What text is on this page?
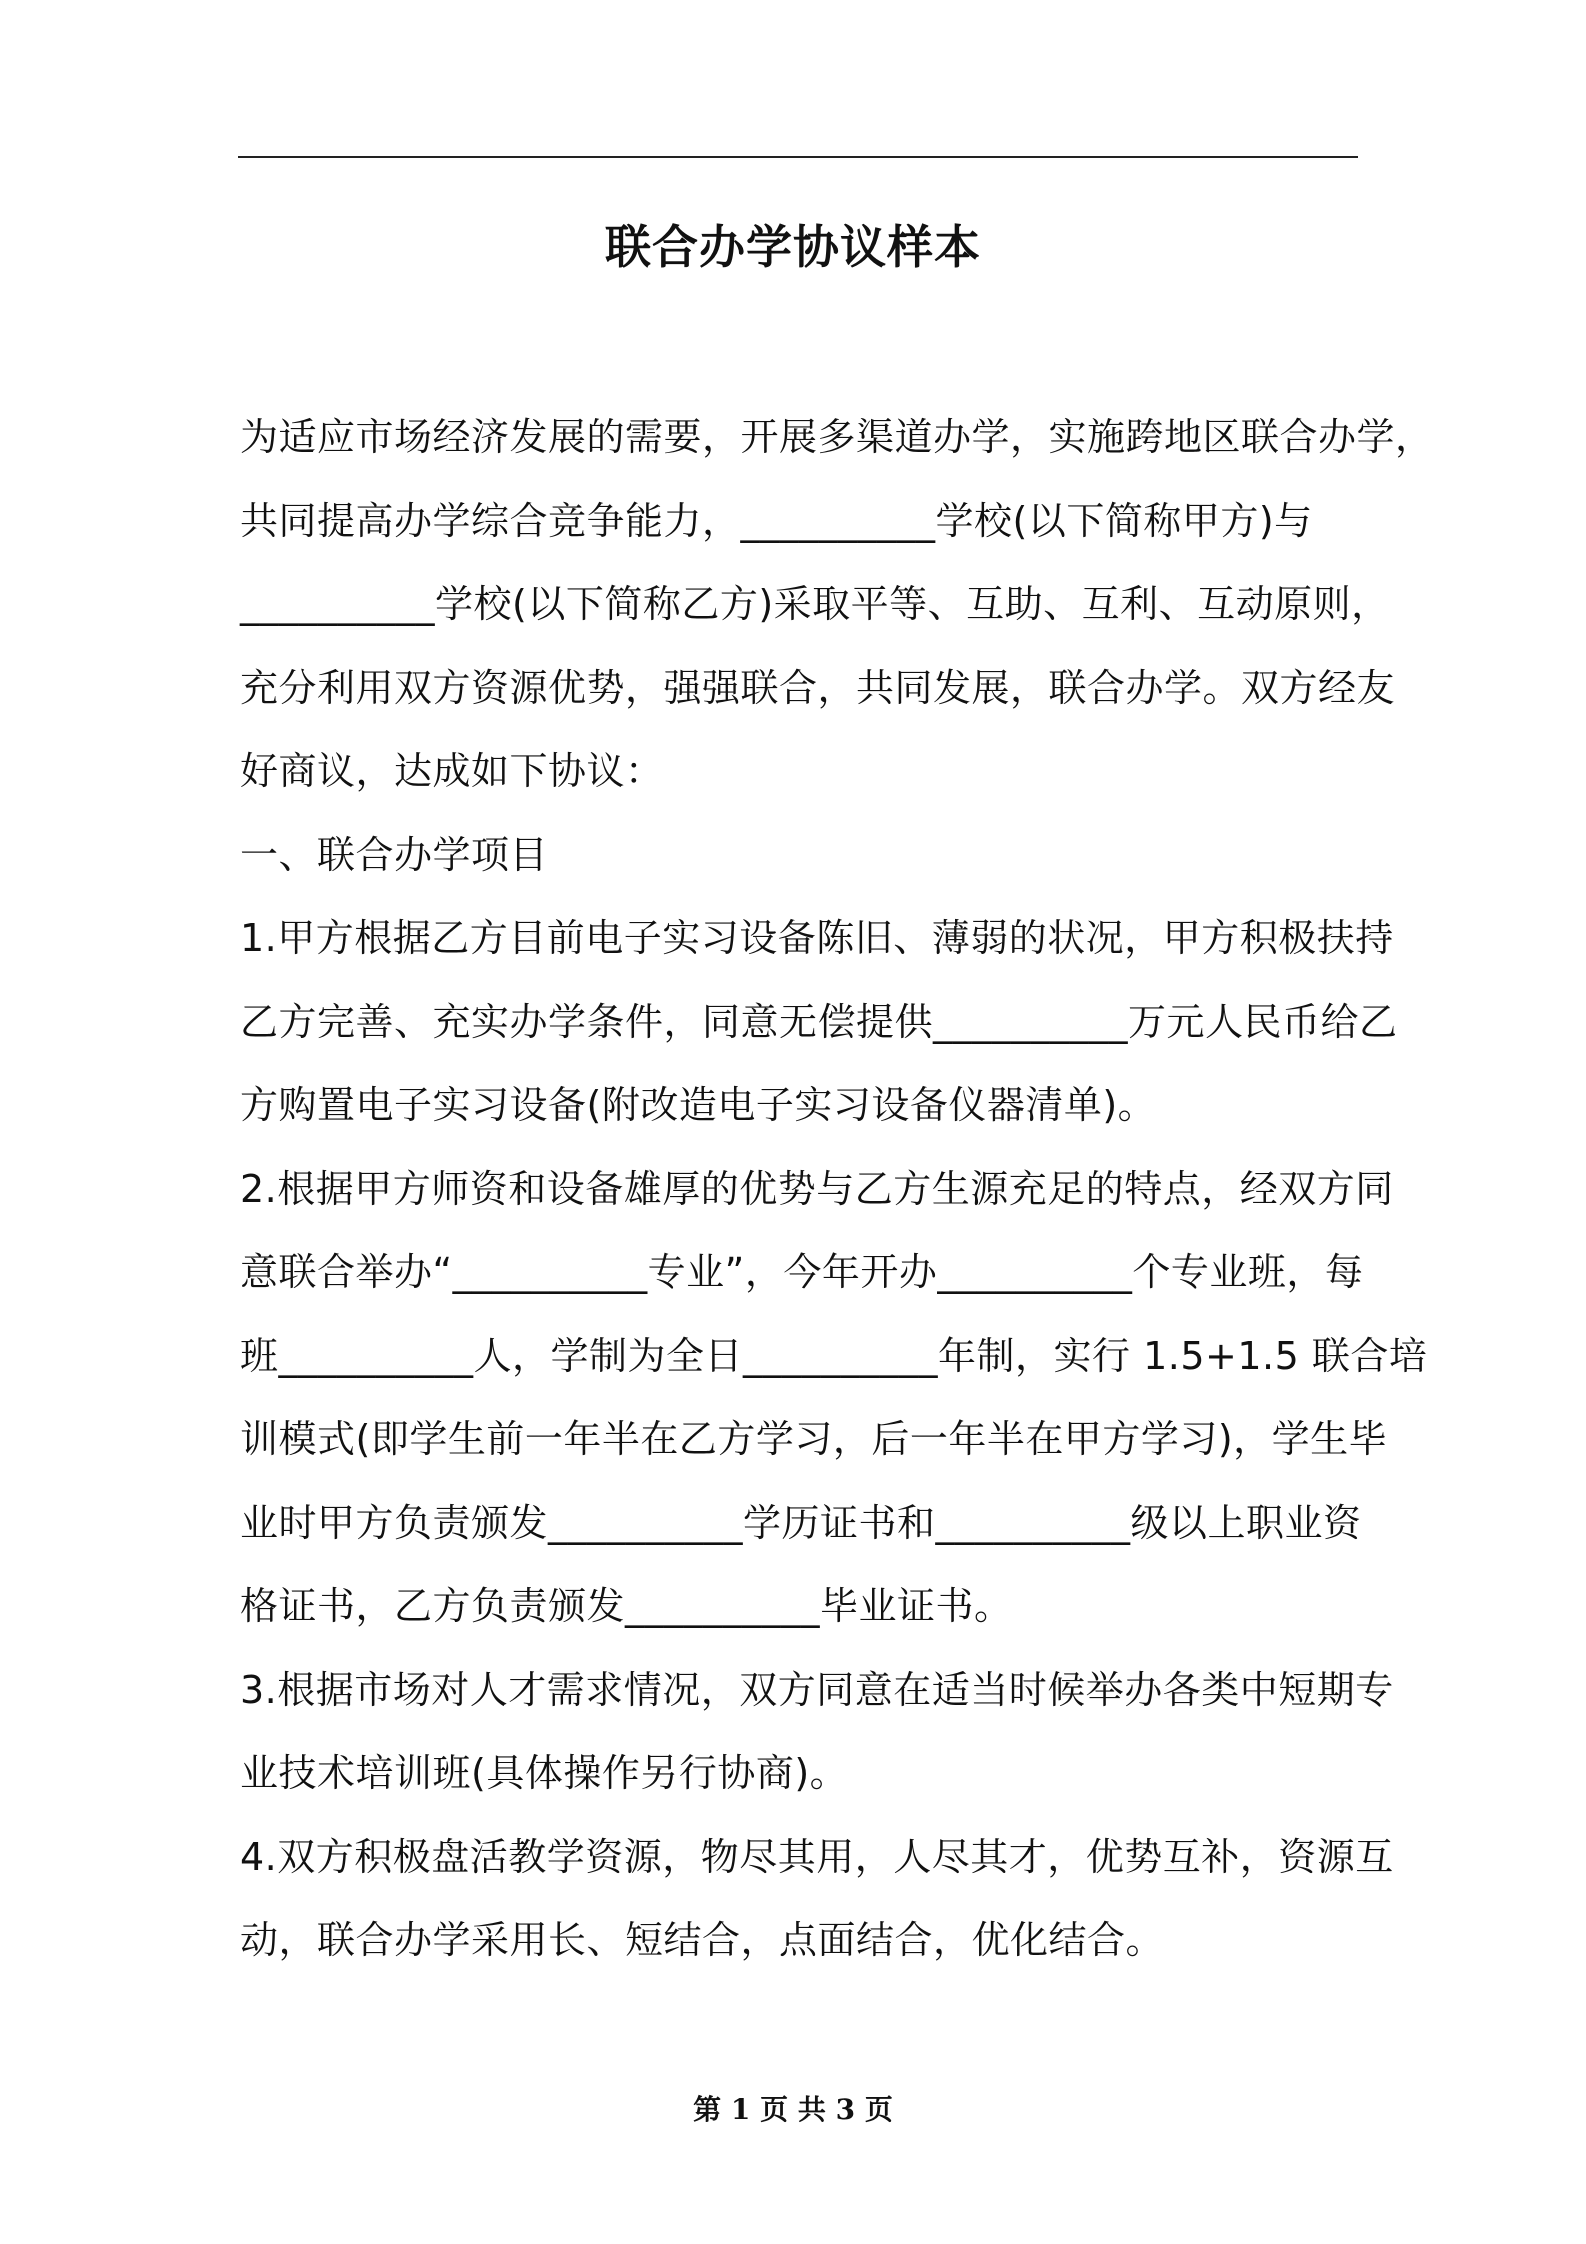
联合办学协议样本
为适应市场经济发展的需要，开展多渠道办学，实施跨地区联合办学，
共同提高办学综合竞争能力，__________学校(以下简称甲方)与
__________学校(以下简称乙方)采取平等、互助、互利、互动原则，
充分利用双方资源优势，强强联合，共同发展，联合办学。双方经友
好商议，达成如下协议：
一、联合办学项目
1.甲方根据乙方目前电子实习设备陈旧、薄弱的状况，甲方积极扶持
乙方完善、充实办学条件，同意无偿提供__________万元人民币给乙
方购置电子实习设备(附改造电子实习设备仪器清单)。
2.根据甲方师资和设备雄厚的优势与乙方生源充足的特点，经双方同
意联合举办“__________专业”，今年开办__________个专业班，每
班__________人，学制为全日__________年制，实行 1.5+1.5 联合培
训模式(即学生前一年半在乙方学习，后一年半在甲方学习)，学生毕
业时甲方负责颁发__________学历证书和__________级以上职业资
格证书，乙方负责颁发__________毕业证书。
3.根据市场对人才需求情况，双方同意在适当时候举办各类中短期专
业技术培训班(具体操作另行协商)。
4.双方积极盘活教学资源，物尽其用，人尽其才，优势互补，资源互
动，联合办学采用长、短结合，点面结合，优化结合。
第 1 页 共 3 页
